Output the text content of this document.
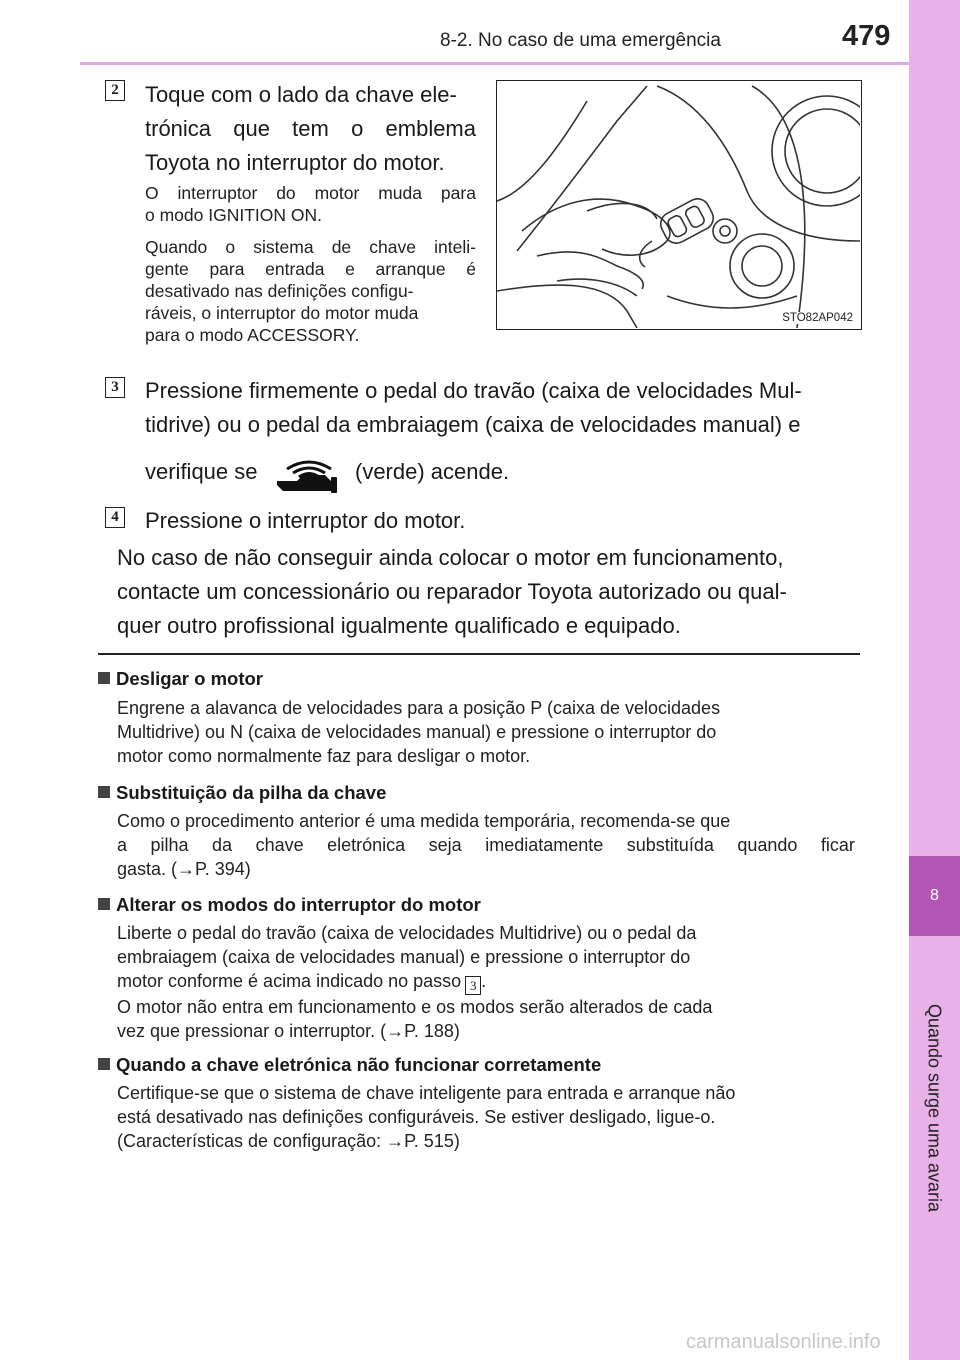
8-2. No caso de uma emergência	479
8
Quando surge uma avaria
2 Toque com o lado da chave ele-
trónica que tem o emblema
Toyota no interruptor do motor.
O interruptor do motor muda para
o modo IGNITION ON.
Quando o sistema de chave inteli-
gente para entrada e arranque é
desativado nas definições configu-
ráveis, o interruptor do motor muda
para o modo ACCESSORY.
STO82AP042
3 Pressione firmemente o pedal do travão (caixa de velocidades Mul-
tidrive) ou o pedal da embraiagem (caixa de velocidades manual) e
verifique se	(verde) acende.
4 Pressione o interruptor do motor.
No caso de não conseguir ainda colocar o motor em funcionamento,
contacte um concessionário ou reparador Toyota autorizado ou qual-
quer outro profissional igualmente qualificado e equipado.
Desligar o motor
Engrene a alavanca de velocidades para a posição P (caixa de velocidades
Multidrive) ou N (caixa de velocidades manual) e pressione o interruptor do
motor como normalmente faz para desligar o motor.
Substituição da pilha da chave
Como o procedimento anterior é uma medida temporária, recomenda-se que
a pilha da chave eletrónica seja imediatamente substituída quando ficar
gasta. (→P. 394)
Alterar os modos do interruptor do motor
Liberte o pedal do travão (caixa de velocidades Multidrive) ou o pedal da
embraiagem (caixa de velocidades manual) e pressione o interruptor do
motor conforme é acima indicado no passo 3 .
O motor não entra em funcionamento e os modos serão alterados de cada
vez que pressionar o interruptor. (→P. 188)
Quando a chave eletrónica não funcionar corretamente
Certifique-se que o sistema de chave inteligente para entrada e arranque não
está desativado nas definições configuráveis. Se estiver desligado, ligue-o.
(Características de configuração: →P. 515)
carmanualsonline.info
